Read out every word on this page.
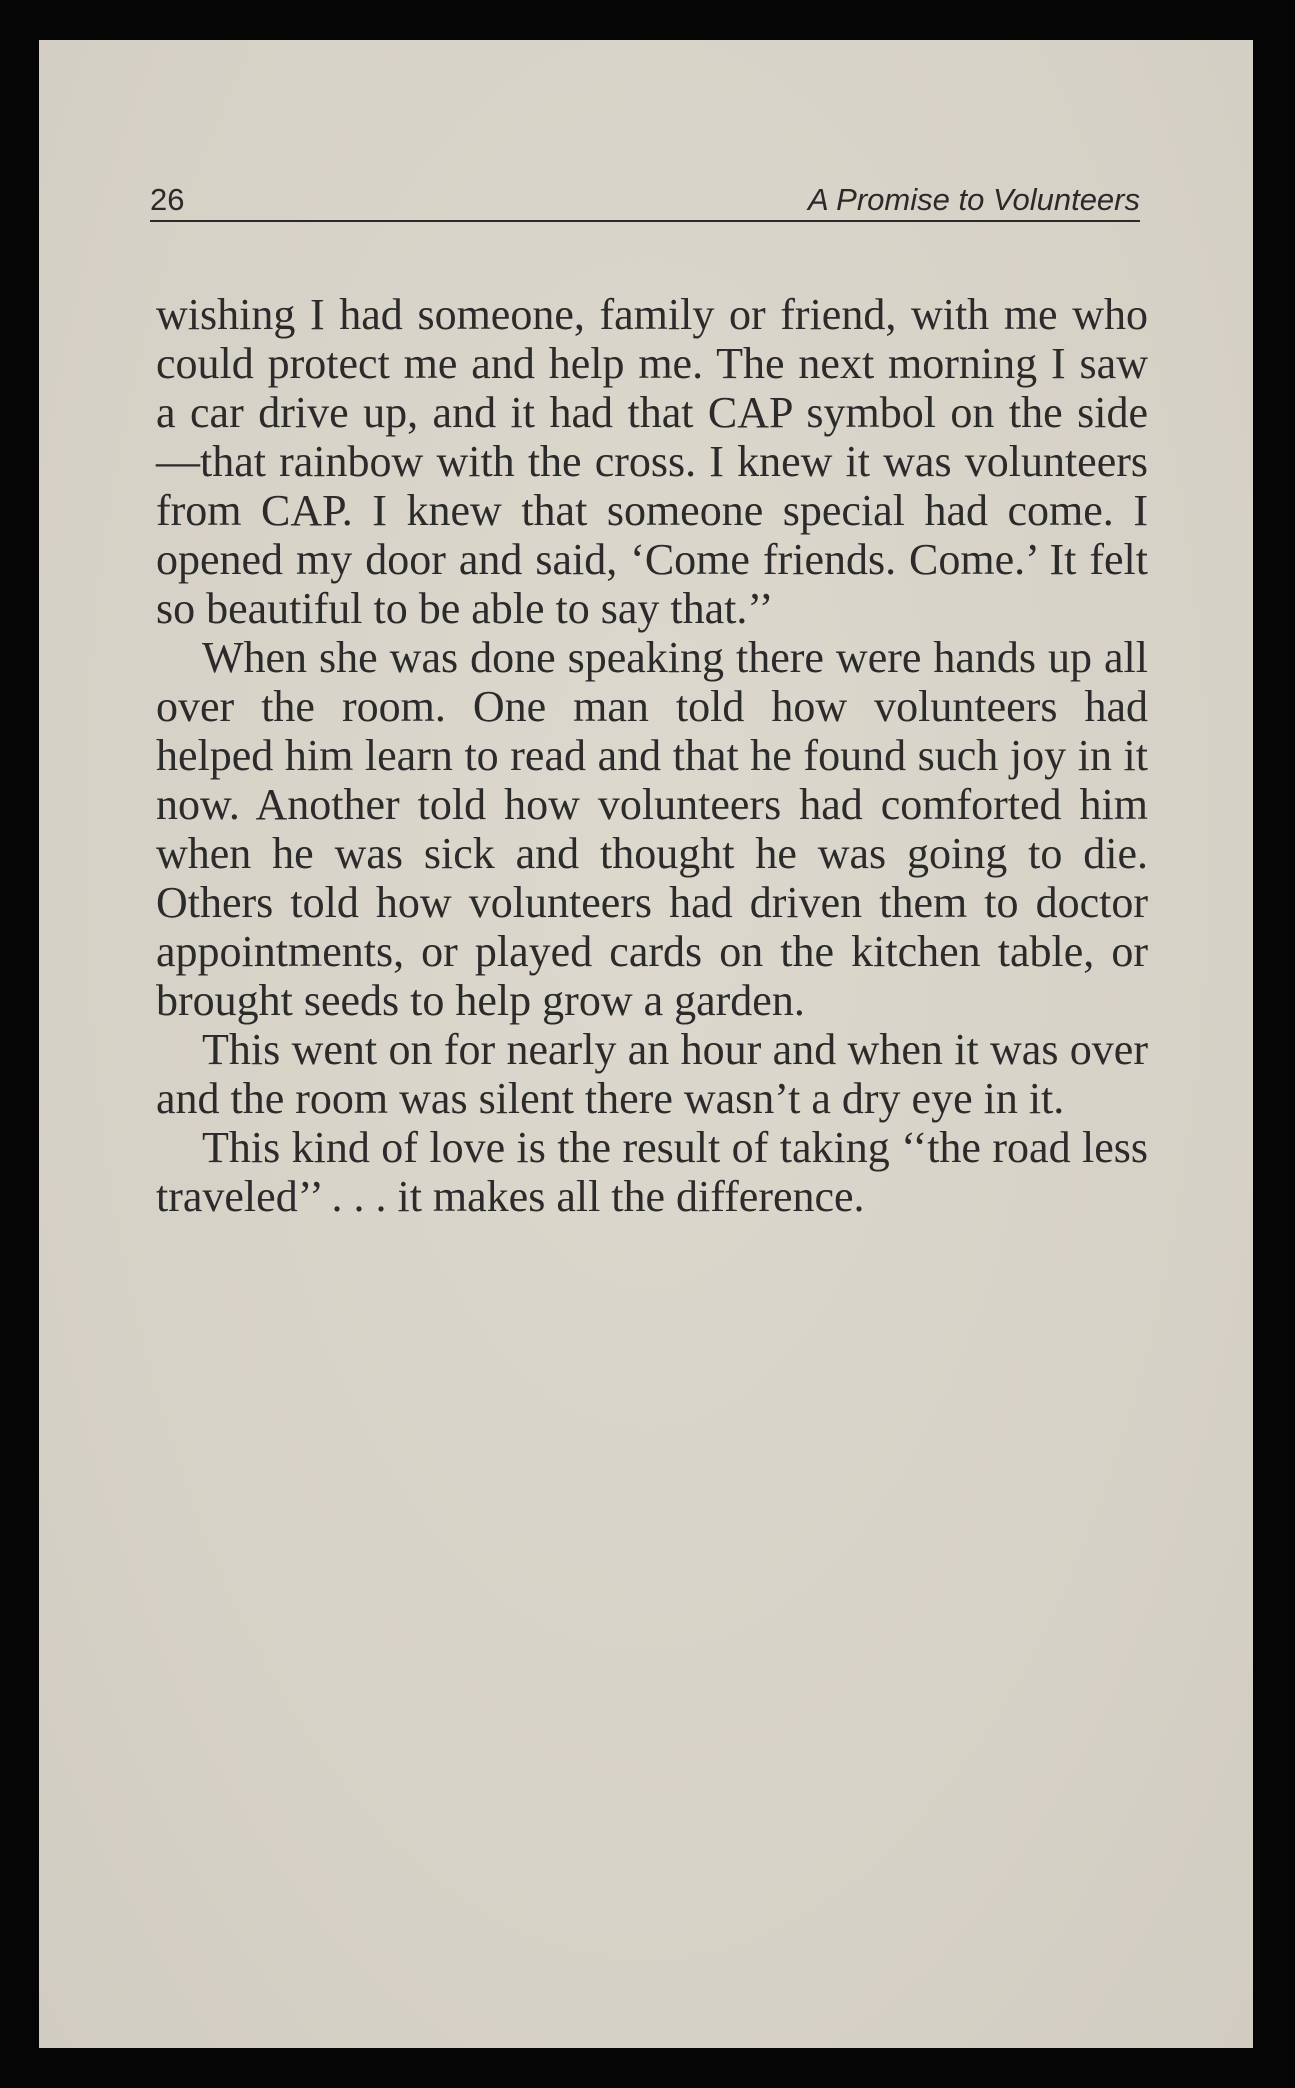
26	A Promise to Volunteers

wishing I had someone, family or friend, with me who could protect me and help me. The next morning I saw a car drive up, and it had that CAP symbol on the side—that rainbow with the cross. I knew it was volunteers from CAP. I knew that someone special had come. I opened my door and said, ‘Come friends. Come.’ It felt so beautiful to be able to say that.’’

When she was done speaking there were hands up all over the room. One man told how volunteers had helped him learn to read and that he found such joy in it now. Another told how volunteers had comforted him when he was sick and thought he was going to die. Others told how volunteers had driven them to doctor appointments, or played cards on the kitchen table, or brought seeds to help grow a garden.

This went on for nearly an hour and when it was over and the room was silent there wasn’t a dry eye in it.

This kind of love is the result of taking ‘‘the road less traveled’’ . . . it makes all the difference.
